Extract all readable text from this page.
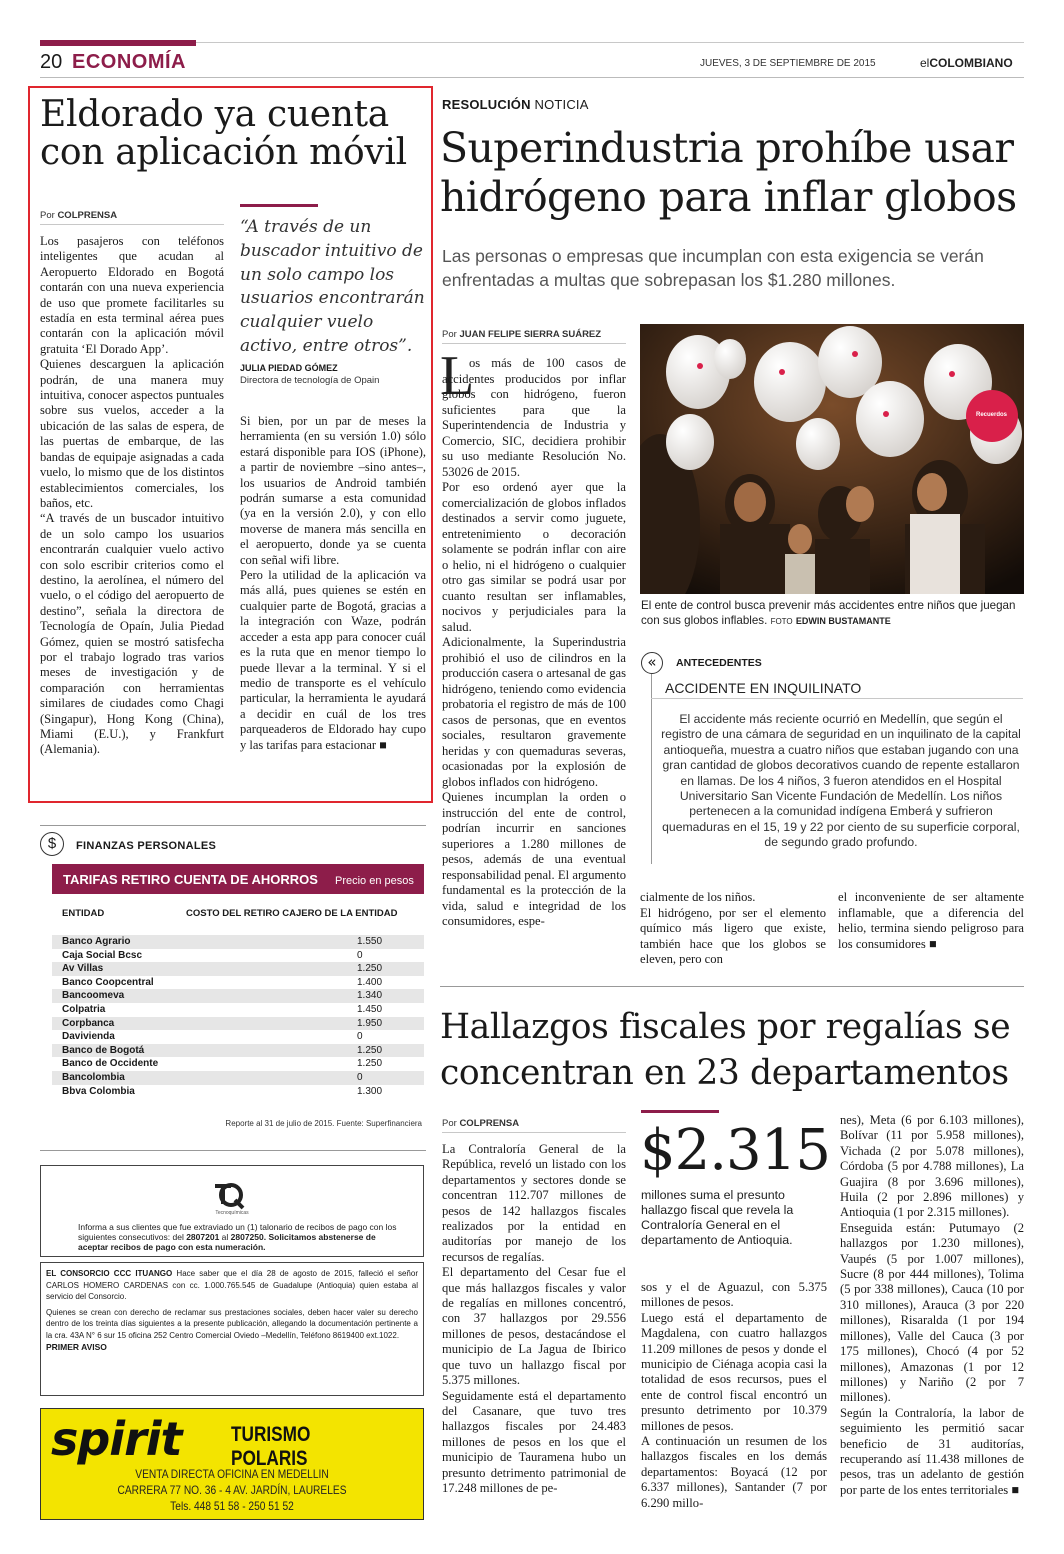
20 ECONOMÍA	JUEVES, 3 DE SEPTIEMBRE DE 2015	elCOLOMBIANO
Eldorado ya cuenta con aplicación móvil
Por COLPRENSA
Los pasajeros con teléfonos inteligentes que acudan al Aeropuerto Eldorado en Bogotá contarán con una nueva experiencia de uso que promete facilitarles su estadía en esta terminal aérea pues contarán con la aplicación móvil gratuita ‘El Dorado App’.
Quienes descarguen la aplicación podrán, de una manera muy intuitiva, conocer aspectos puntuales sobre sus vuelos, acceder a la ubicación de las salas de espera, de las puertas de embarque, de las bandas de equipaje asignadas a cada vuelo, lo mismo que de los distintos establecimientos comerciales, los baños, etc.
“A través de un buscador intuitivo de un solo campo los usuarios encontrarán cualquier vuelo activo con solo escribir criterios como el destino, la aerolínea, el número del vuelo, o el código del aeropuerto de destino”, señala la directora de Tecnología de Opaín, Julia Piedad Gómez, quien se mostró satisfecha por el trabajo logrado tras varios meses de investigación y de comparación con herramientas similares de ciudades como Chagi (Singapur), Hong Kong (China), Miami (E.U.), y Frankfurt (Alemania).
“A través de un buscador intuitivo de un solo campo los usuarios encontrarán cualquier vuelo activo, entre otros”.
JULIA PIEDAD GÓMEZ
Directora de tecnología de Opain
Si bien, por un par de meses la herramienta (en su versión 1.0) sólo estará disponible para IOS (iPhone), a partir de noviembre –sino antes–, los usuarios de Android también podrán sumarse a esta comunidad (ya en la versión 2.0), y con ello moverse de manera más sencilla en el aeropuerto, donde ya se cuenta con señal wifi libre.
Pero la utilidad de la aplicación va más allá, pues quienes se estén en cualquier parte de Bogotá, gracias a la integración con Waze, podrán acceder a esta app para conocer cuál es la ruta que en menor tiempo lo puede llevar a la terminal. Y si el medio de transporte es el vehículo particular, la herramienta le ayudará a decidir en cuál de los tres parqueaderos de Eldorado hay cupo y las tarifas para estacionar ■
$	FINANZAS PERSONALES
TARIFAS RETIRO CUENTA DE AHORROS Precio en pesos
ENTIDAD	COSTO DEL RETIRO CAJERO DE LA ENTIDAD
Banco Agrario	1.550
Caja Social Bcsc	0
Av Villas	1.250
Banco Coopcentral	1.400
Bancoomeva	1.340
Colpatria	1.450
Corpbanca	1.950
Davivienda	0
Banco de Bogotá	1.250
Banco de Occidente	1.250
Bancolombia	0
Bbva Colombia	1.300
Reporte al 31 de julio de 2015. Fuente: Superfinanciera
Tecnoquímicas
Informa a sus clientes que fue extraviado un (1) talonario de recibos de pago con los siguientes consecutivos: del 2807201 al 2807250. Solicitamos abstenerse de aceptar recibos de pago con esta numeración.
EL CONSORCIO CCC ITUANGO Hace saber que el día 28 de agosto de 2015, falleció el señor CARLOS HOMERO CARDENAS con cc. 1.000.765.545 de Guadalupe (Antioquia) quien estaba al servicio del Consorcio.
Quienes se crean con derecho de reclamar sus prestaciones sociales, deben hacer valer su derecho dentro de los treinta días siguientes a la presente publicación, allegando la documentación pertinente a la cra. 43A N° 6 sur 15 oficina 252 Centro Comercial Oviedo –Medellín, Teléfono 8619400 ext.1022.
PRIMER AVISO
spirit TURISMO POLARIS
VENTA DIRECTA OFICINA EN MEDELLIN
CARRERA 77 NO. 36 - 4 AV. JARDÍN, LAURELES
Tels. 448 51 58 - 250 51 52
RESOLUCIÓN NOTICIA
Superindustria prohíbe usar hidrógeno para inflar globos
Las personas o empresas que incumplan con esta exigencia se verán enfrentadas a multas que sobrepasan los $1.280 millones.
Por JUAN FELIPE SIERRA SUÁREZ
L
os más de 100 casos de accidentes producidos por inflar globos con hidrógeno, fueron suficientes para que la Superintendencia de Industria y Comercio, SIC, decidiera prohibir su uso mediante Resolución No. 53026 de 2015.
Por eso ordenó ayer que la comercialización de globos inflados destinados a servir como juguete, entretenimiento o decoración solamente se podrán inflar con aire o helio, ni el hidrógeno o cualquier otro gas similar se podrá usar por cuanto resultan ser inflamables, nocivos y perjudiciales para la salud.
Adicionalmente, la Superindustria prohibió el uso de cilindros en la producción casera o artesanal de gas hidrógeno, teniendo como evidencia probatoria el registro de más de 100 casos de personas, que en eventos sociales, resultaron gravemente heridas y con quemaduras severas, ocasionadas por la explosión de globos inflados con hidrógeno.
Quienes incumplan la orden o instrucción del ente de control, podrían incurrir en sanciones superiores a 1.280 millones de pesos, además de una eventual responsabilidad penal. El argumento fundamental es la protección de la vida, salud e integridad de los consumidores, espe-
Recuerdos
El ente de control busca prevenir más accidentes entre niños que juegan con sus globos inflables. FOTO EDWIN BUSTAMANTE
«	ANTECEDENTES
ACCIDENTE EN INQUILINATO
El accidente más reciente ocurrió en Medellín, que según el registro de una cámara de seguridad en un inquilinato de la capital antioqueña, muestra a cuatro niños que estaban jugando con una gran cantidad de globos decorativos cuando de repente estallaron en llamas. De los 4 niños, 3 fueron atendidos en el Hospital Universitario San Vicente Fundación de Medellín. Los niños pertenecen a la comunidad indígena Emberá y sufrieron quemaduras en el 15, 19 y 22 por ciento de su superficie corporal, de segundo grado profundo.
cialmente de los niños.
El hidrógeno, por ser el elemento químico más ligero que existe, también hace que los globos se eleven, pero con
el inconveniente de ser altamente inflamable, que a diferencia del helio, termina siendo peligroso para los consumidores ■
Hallazgos fiscales por regalías se concentran en 23 departamentos
Por COLPRENSA
La Contraloría General de la República, reveló un listado con los departamentos y sectores donde se concentran 112.707 millones de pesos de 142 hallazgos fiscales realizados por la entidad en auditorías por manejo de los recursos de regalías.
El departamento del Cesar fue el que más hallazgos fiscales y valor de regalías en millones concentró, con 37 hallazgos por 29.556 millones de pesos, destacándose el municipio de La Jagua de Ibirico que tuvo un hallazgo fiscal por 5.375 millones.
Seguidamente está el departamento del Casanare, que tuvo tres hallazgos fiscales por 24.483 millones de pesos en los que el municipio de Tauramena hubo un presunto detrimento patrimonial de 17.248 millones de pe-
$2.315
millones suma el presunto hallazgo fiscal que revela la Contraloría General en el departamento de Antioquia.
sos y el de Aguazul, con 5.375 millones de pesos.
Luego está el departamento de Magdalena, con cuatro hallazgos 11.209 millones de pesos y donde el municipio de Ciénaga acopia casi la totalidad de esos recursos, pues el ente de control fiscal encontró un presunto detrimento por 10.379 millones de pesos.
A continuación un resumen de los hallazgos fiscales en los demás departamentos: Boyacá (12 por 6.337 millones), Santander (7 por 6.290 millo-
nes), Meta (6 por 6.103 millones), Bolívar (11 por 5.958 millones), Vichada (2 por 5.078 millones), Córdoba (5 por 4.788 millones), La Guajira (8 por 3.696 millones), Huila (2 por 2.896 millones) y Antioquia (1 por 2.315 millones).
Enseguida están: Putumayo (2 hallazgos por 1.230 millones), Vaupés (5 por 1.007 millones), Sucre (8 por 444 millones), Tolima (5 por 338 millones), Cauca (10 por 310 millones), Arauca (3 por 220 millones), Risaralda (1 por 194 millones), Valle del Cauca (3 por 175 millones), Chocó (4 por 52 millones), Amazonas (1 por 12 millones) y Nariño (2 por 7 millones).
Según la Contraloría, la labor de seguimiento les permitió sacar beneficio de 31 auditorías, recuperando así 11.438 millones de pesos, tras un adelanto de gestión por parte de los entes territoriales ■
